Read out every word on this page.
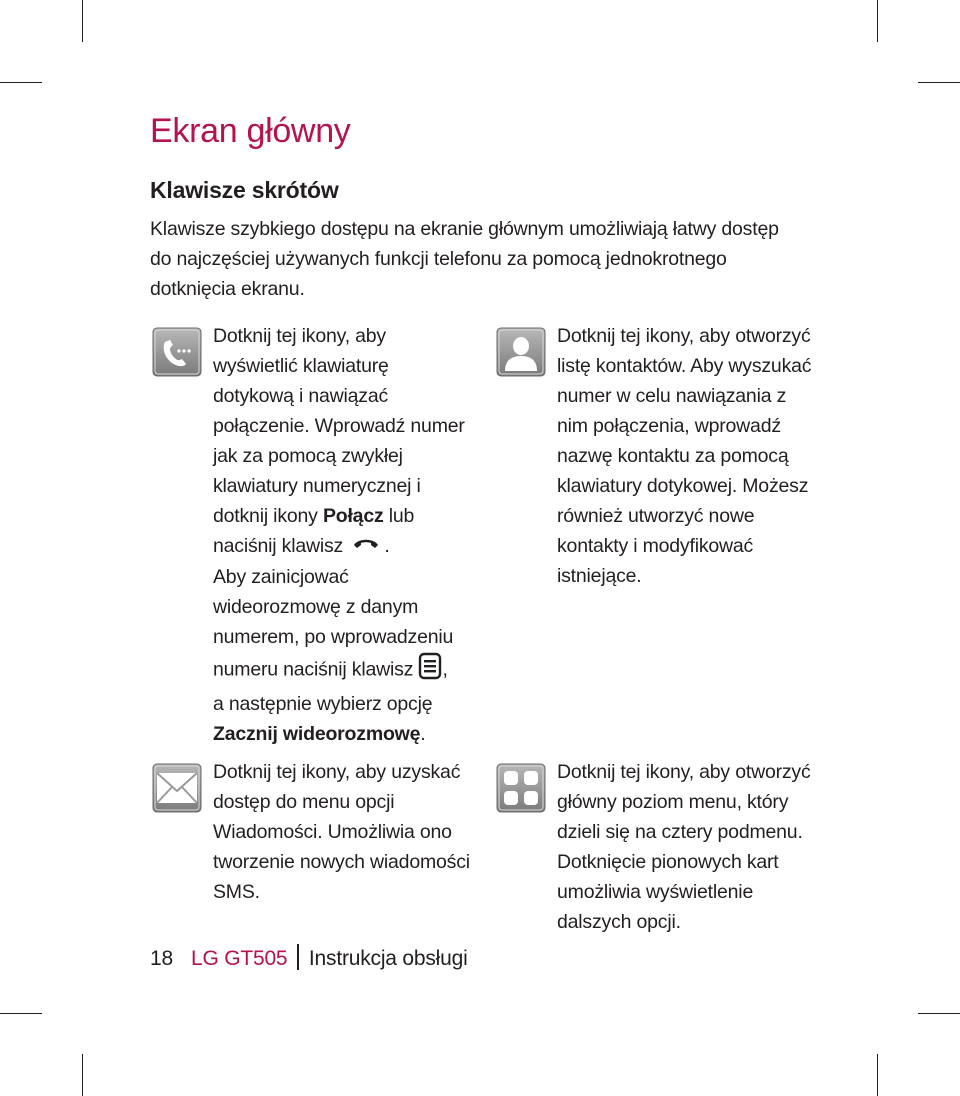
Ekran główny
Klawisze skrótów
Klawisze szybkiego dostępu na ekranie głównym umożliwiają łatwy dostęp
do najczęściej używanych funkcji telefonu za pomocą jednokrotnego
dotknięcia ekranu.
Dotknij tej ikony, aby
wyświetlić klawiaturę
dotykową i nawiązać
połączenie. Wprowadź numer
jak za pomocą zwykłej
klawiatury numerycznej i
dotknij ikony Połącz lub
naciśnij klawisz .
Aby zainicjować
wideorozmowę z danym
numerem, po wprowadzeniu
numeru naciśnij klawisz ,
a następnie wybierz opcję
Zacznij wideorozmowę.
Dotknij tej ikony, aby otworzyć
listę kontaktów. Aby wyszukać
numer w celu nawiązania z
nim połączenia, wprowadź
nazwę kontaktu za pomocą
klawiatury dotykowej. Możesz
również utworzyć nowe
kontakty i modyfikować
istniejące.
Dotknij tej ikony, aby uzyskać
dostęp do menu opcji
Wiadomości. Umożliwia ono
tworzenie nowych wiadomości
SMS.
Dotknij tej ikony, aby otworzyć
główny poziom menu, który
dzieli się na cztery podmenu.
Dotknięcie pionowych kart
umożliwia wyświetlenie
dalszych opcji.
18 LG GT505 Instrukcja obsługi
